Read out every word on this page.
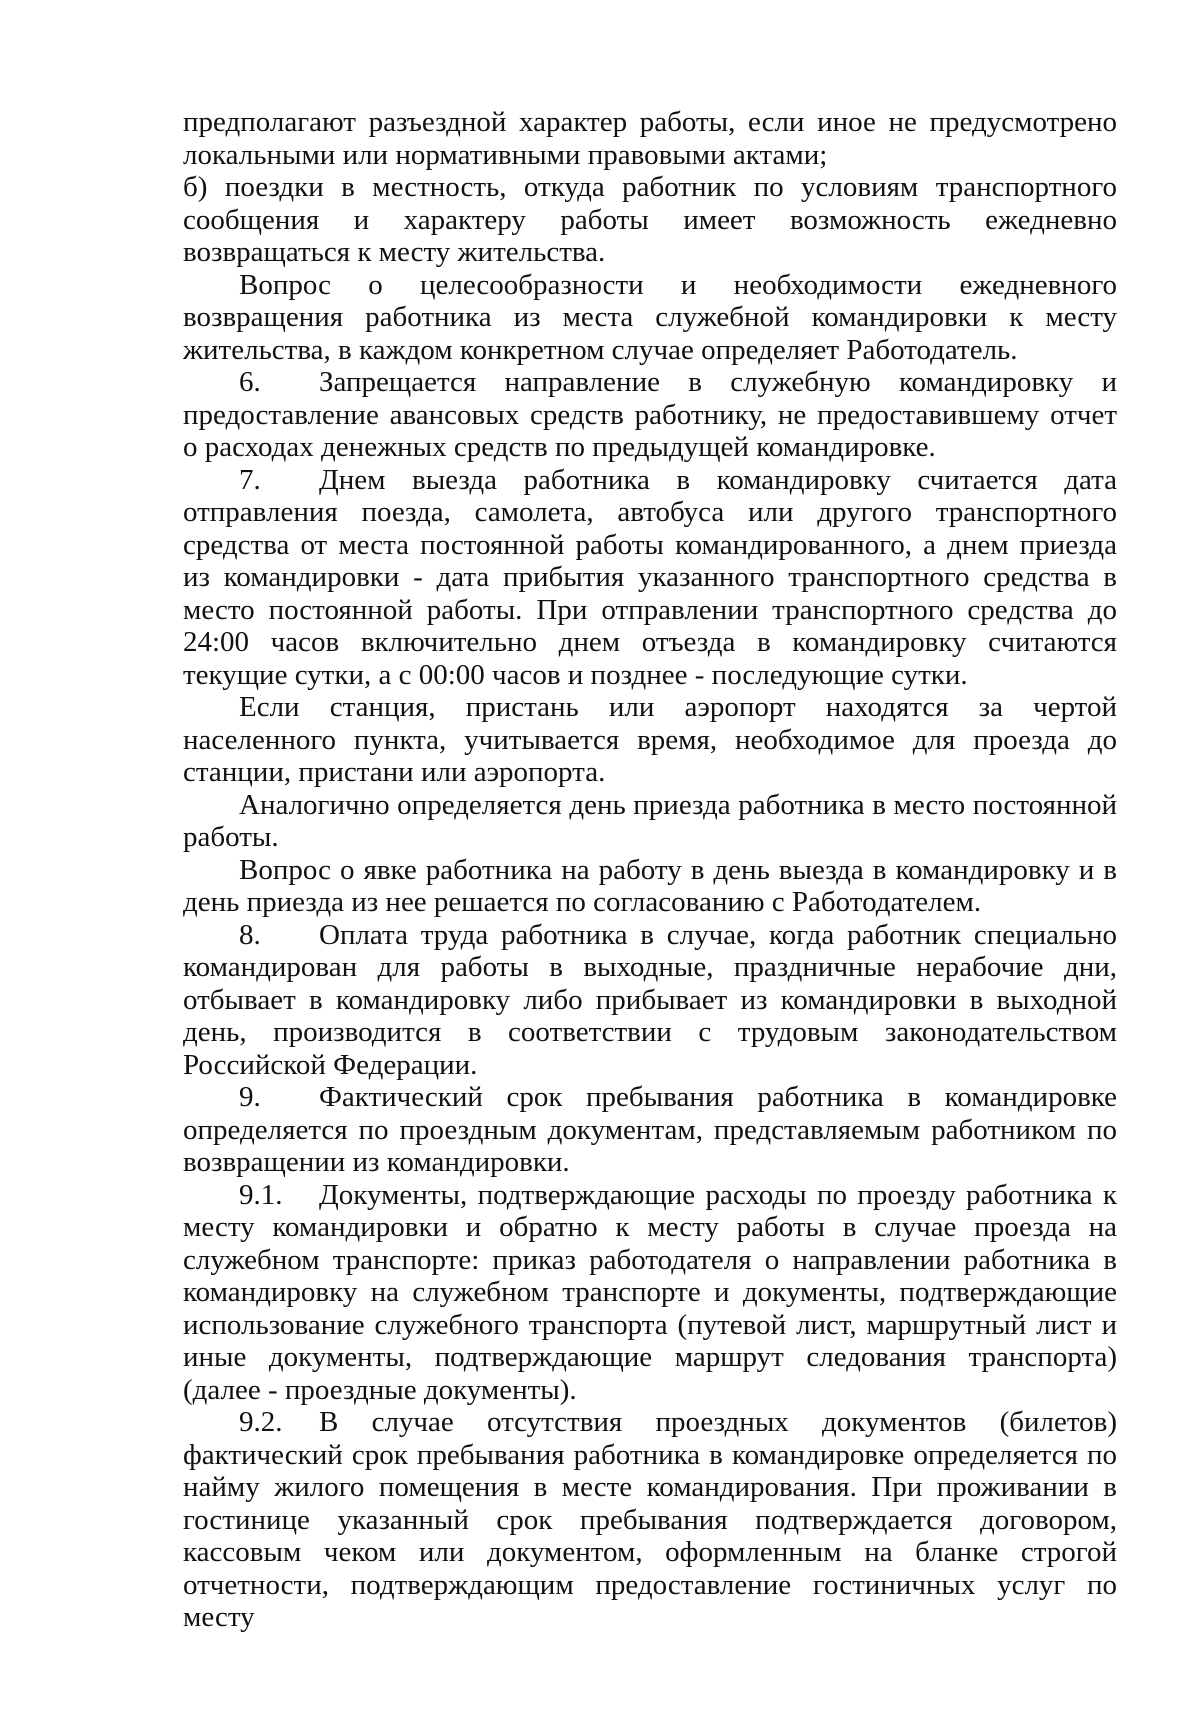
предполагают разъездной характер работы, если иное не предусмотрено локальными или нормативными правовыми актами;

б) поездки в местность, откуда работник по условиям транспортного сообщения и характеру работы имеет возможность ежедневно возвращаться к месту жительства.

Вопрос о целесообразности и необходимости ежедневного возвращения работника из места служебной командировки к месту жительства, в каждом конкретном случае определяет Работодатель.

6. Запрещается направление в служебную командировку и предоставление авансовых средств работнику, не предоставившему отчет о расходах денежных средств по предыдущей командировке.

7. Днем выезда работника в командировку считается дата отправления поезда, самолета, автобуса или другого транспортного средства от места постоянной работы командированного, а днем приезда из командировки - дата прибытия указанного транспортного средства в место постоянной работы. При отправлении транспортного средства до 24:00 часов включительно днем отъезда в командировку считаются текущие сутки, а с 00:00 часов и позднее - последующие сутки.

Если станция, пристань или аэропорт находятся за чертой населенного пункта, учитывается время, необходимое для проезда до станции, пристани или аэропорта.

Аналогично определяется день приезда работника в место постоянной работы.

Вопрос о явке работника на работу в день выезда в командировку и в день приезда из нее решается по согласованию с Работодателем.

8. Оплата труда работника в случае, когда работник специально командирован для работы в выходные, праздничные нерабочие дни, отбывает в командировку либо прибывает из командировки в выходной день, производится в соответствии с трудовым законодательством Российской Федерации.

9. Фактический срок пребывания работника в командировке определяется по проездным документам, представляемым работником по возвращении из командировки.

9.1. Документы, подтверждающие расходы по проезду работника к месту командировки и обратно к месту работы в случае проезда на служебном транспорте: приказ работодателя о направлении работника в командировку на служебном транспорте и документы, подтверждающие использование служебного транспорта (путевой лист, маршрутный лист и иные документы, подтверждающие маршрут следования транспорта) (далее - проездные документы).

9.2. В случае отсутствия проездных документов (билетов) фактический срок пребывания работника в командировке определяется по найму жилого помещения в месте командирования. При проживании в гостинице указанный срок пребывания подтверждается договором, кассовым чеком или документом, оформленным на бланке строгой отчетности, подтверждающим предоставление гостиничных услуг по месту
